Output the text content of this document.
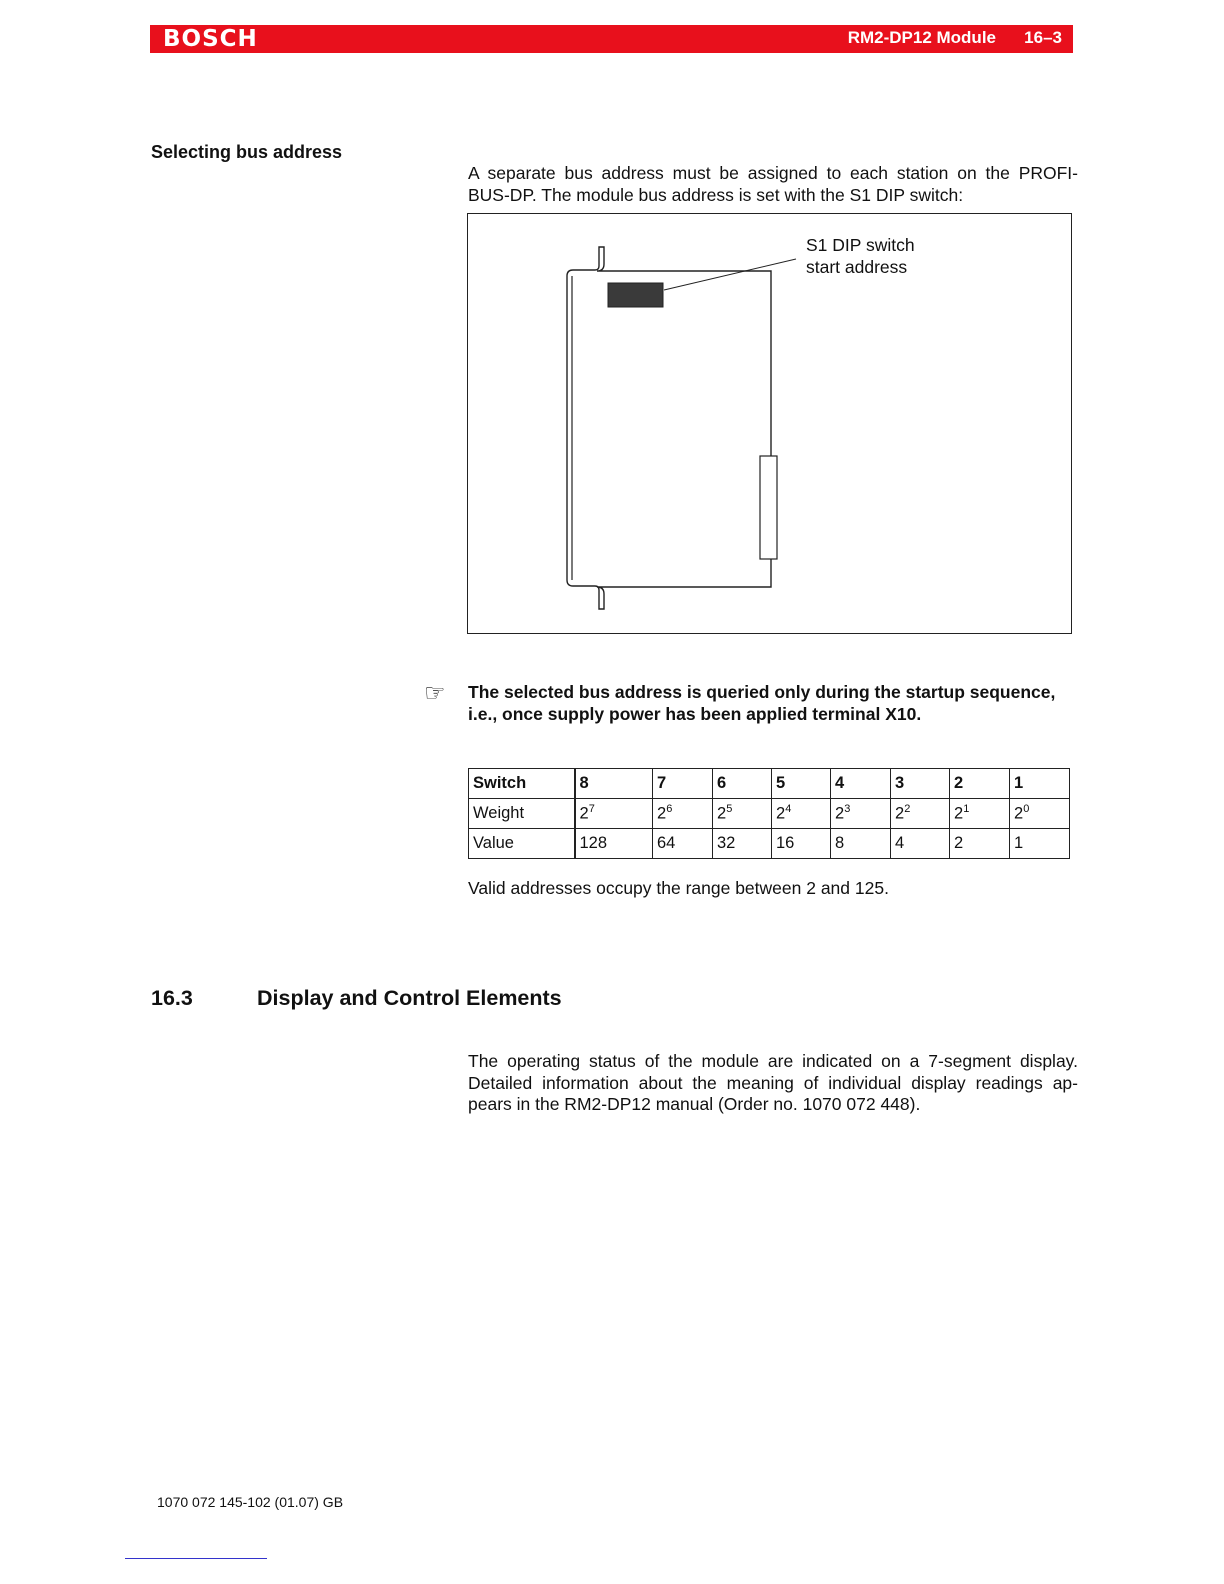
BOSCH	RM2-DP12 Module 16–3
Selecting bus address
A separate bus address must be assigned to each station on the PROFI-
BUS-DP. The module bus address is set with the S1 DIP switch:
S1 DIP switch
start address
☞ The selected bus address is queried only during the startup sequence,
i.e., once supply power has been applied terminal X10.
Switch	8	7	6	5	4	3	2	1
Weight	$2^7$	$2^6$	$2^5$	$2^4$	$2^3$	$2^2$	$2^1$	$2^0$
Value	128	64	32	16	8	4	2	1
Valid addresses occupy the range between 2 and 125.
16.3	Display and Control Elements
The operating status of the module are indicated on a 7-segment display.
Detailed information about the meaning of individual display readings ap-
pears in the RM2-DP12 manual (Order no. 1070 072 448).
1070 072 145-102 (01.07) GB
